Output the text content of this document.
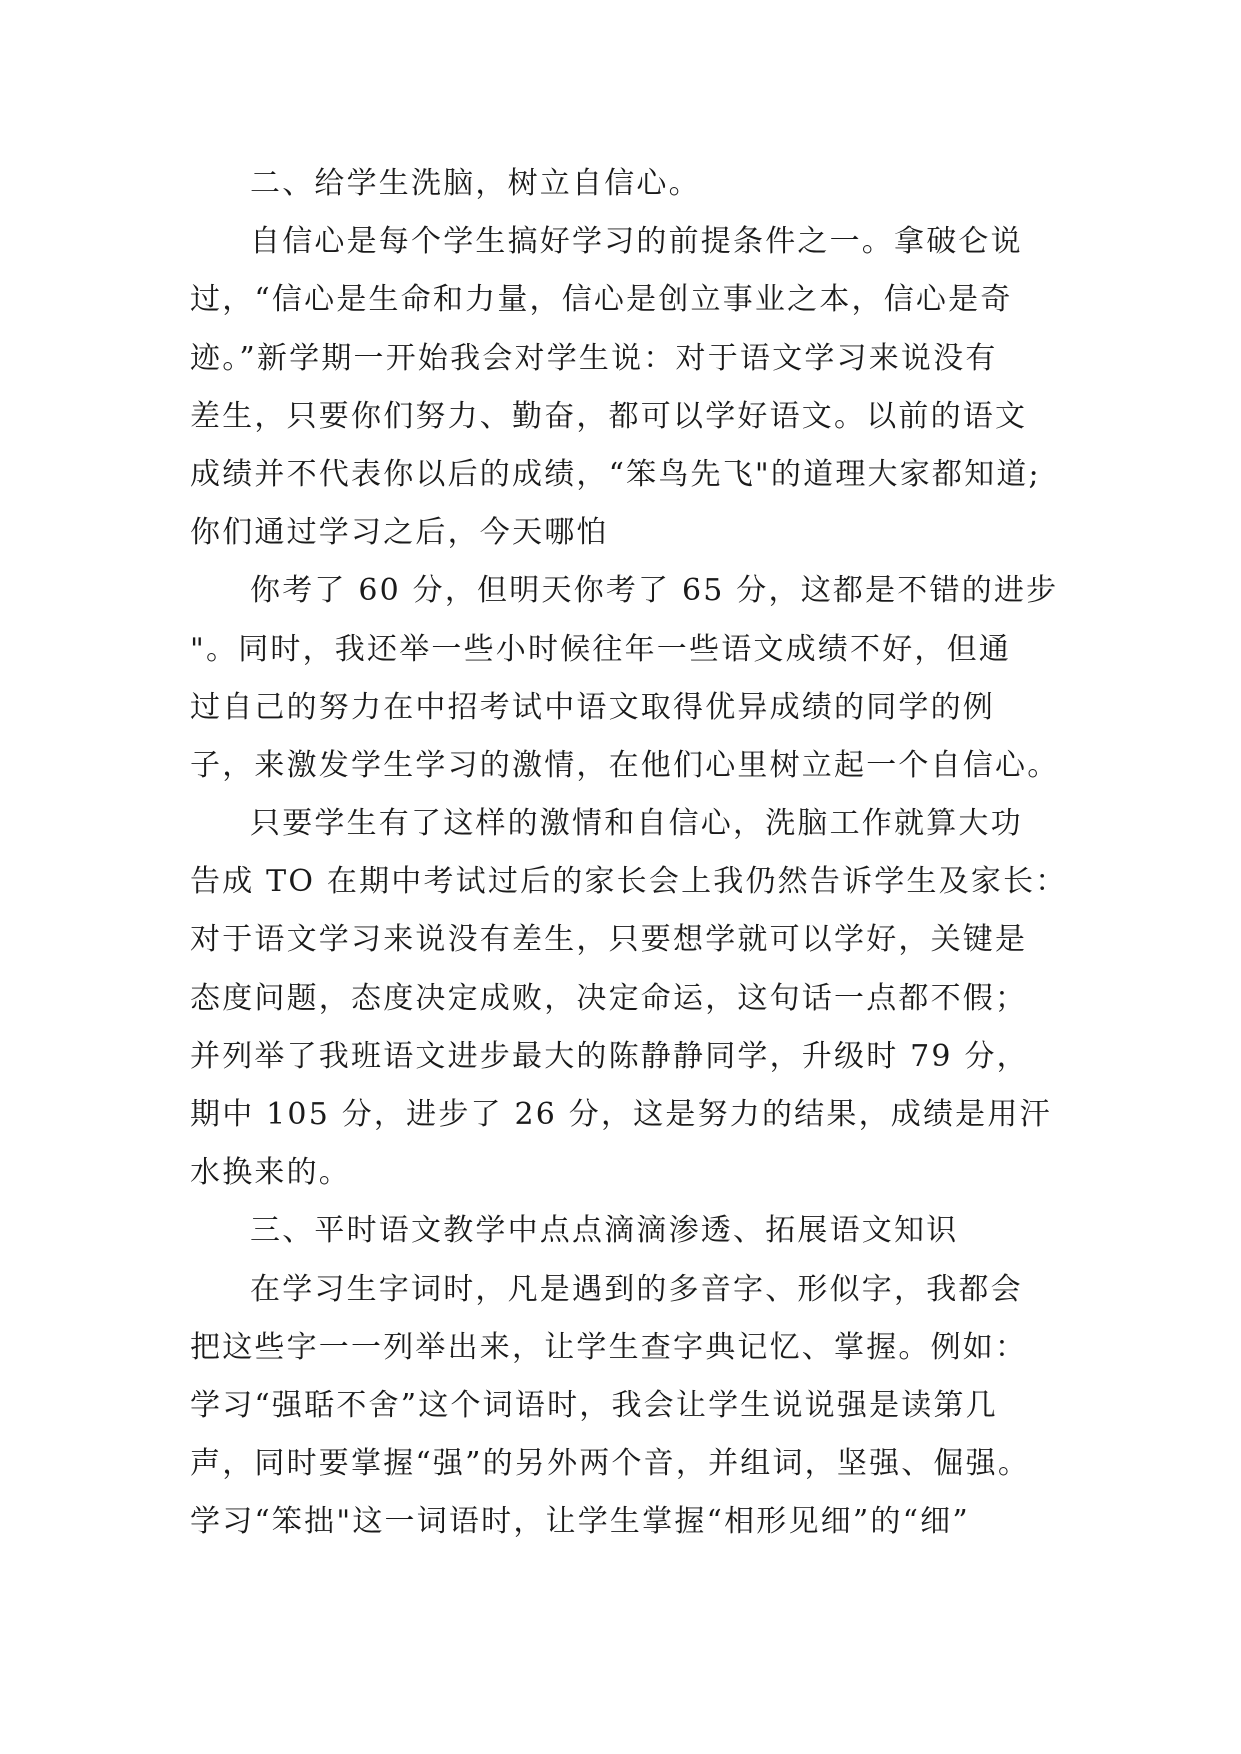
二、给学生洗脑，树立自信心。
自信心是每个学生搞好学习的前提条件之一。拿破仑说
过，“信心是生命和力量，信心是创立事业之本，信心是奇
迹。”新学期一开始我会对学生说：对于语文学习来说没有
差生，只要你们努力、勤奋，都可以学好语文。以前的语文
成绩并不代表你以后的成绩，“笨鸟先飞"的道理大家都知道;
你们通过学习之后，今天哪怕
你考了 60 分，但明天你考了 65 分，这都是不错的进步
"。同时，我还举一些小时候往年一些语文成绩不好，但通
过自己的努力在中招考试中语文取得优异成绩的同学的例
子，来激发学生学习的激情，在他们心里树立起一个自信心。
只要学生有了这样的激情和自信心，洗脑工作就算大功
告成 TO 在期中考试过后的家长会上我仍然告诉学生及家长：
对于语文学习来说没有差生，只要想学就可以学好，关键是
态度问题，态度决定成败，决定命运，这句话一点都不假；
并列举了我班语文进步最大的陈静静同学，升级时 79 分，
期中 105 分，进步了 26 分，这是努力的结果，成绩是用汗
水换来的。
三、平时语文教学中点点滴滴渗透、拓展语文知识
在学习生字词时，凡是遇到的多音字、形似字，我都会
把这些字一一列举出来，让学生查字典记忆、掌握。例如：
学习“强聒不舍”这个词语时，我会让学生说说强是读第几
声，同时要掌握“强”的另外两个音，并组词，坚强、倔强。
学习“笨拙"这一词语时，让学生掌握“相形见细”的“细”
